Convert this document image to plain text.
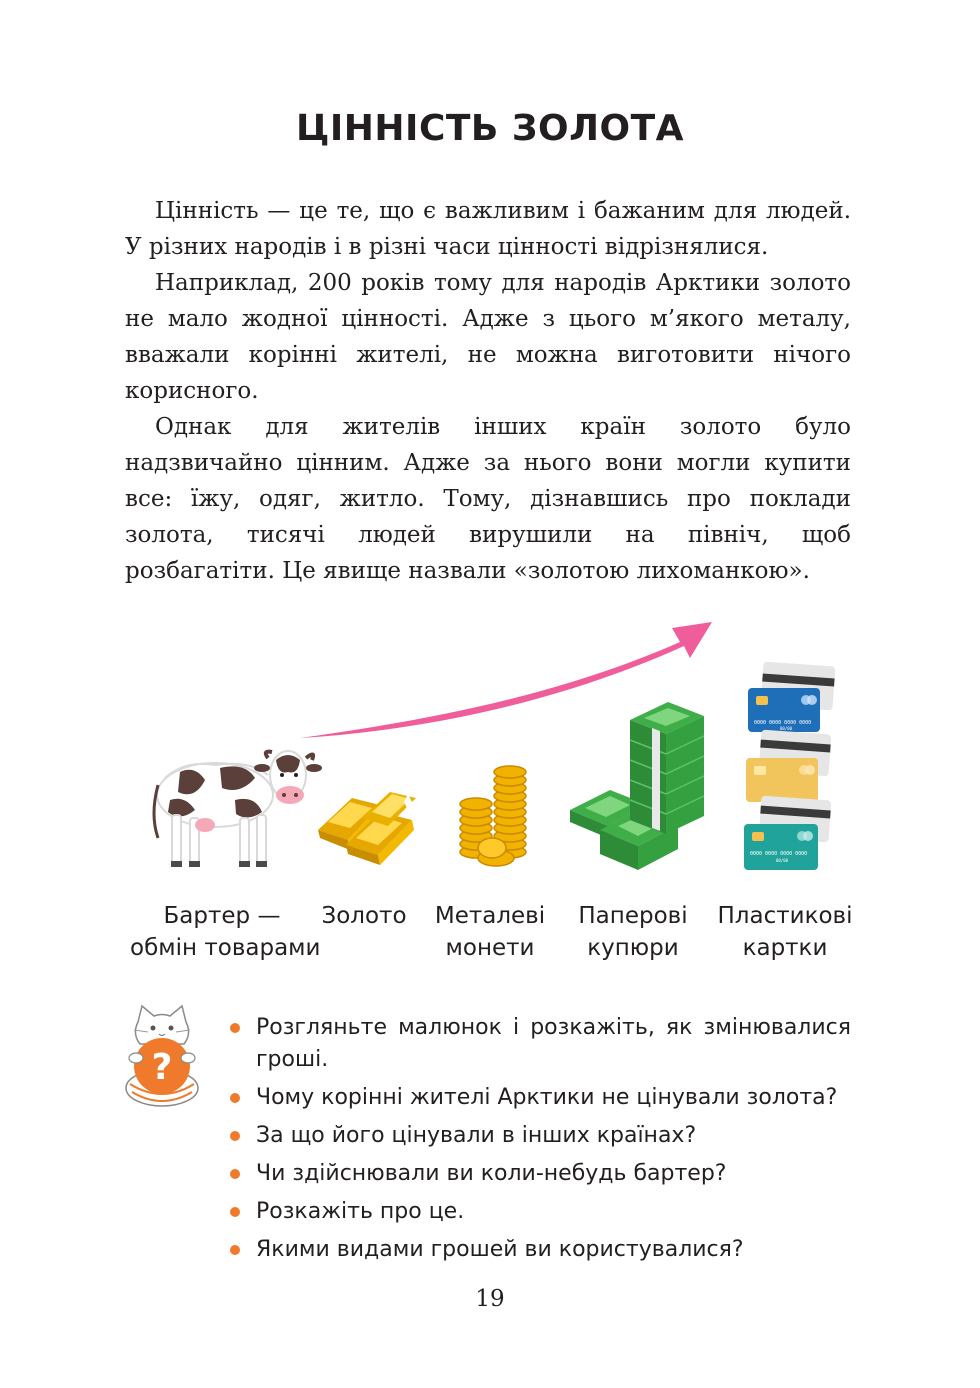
ЦІННІСТЬ ЗОЛОТА

Цінність — це те, що є важливим і бажаним для людей. У різних народів і в різні часи цінності відрізнялися.

Наприклад, 200 років тому для народів Арктики золото не мало жодної цінності. Адже з цього м’якого металу, вважали корінні жителі, не можна виготовити нічого корисного.

Однак для жителів інших країн золото було надзвичайно цінним. Адже за нього вони могли купити все: їжу, одяг, житло. Тому, дізнавшись про поклади золота, тисячі людей вирушили на північ, щоб розбагатіти. Це явище назвали «золотою лихоманкою».

0000 0000 0000 0000
00/00
0000 0000 0000 0000
00/00
Бартер —
обмін товарами
Золото Металеві
монети
Паперові
купюри
Пластикові
картки
?
Розгляньте малюнок і розкажіть, як змінювалися гроші.
Чому корінні жителі Арктики не цінували золота?
За що його цінували в інших країнах?
Чи здійснювали ви коли-небудь бартер?
Розкажіть про це.
Якими видами грошей ви користувалися?
19
